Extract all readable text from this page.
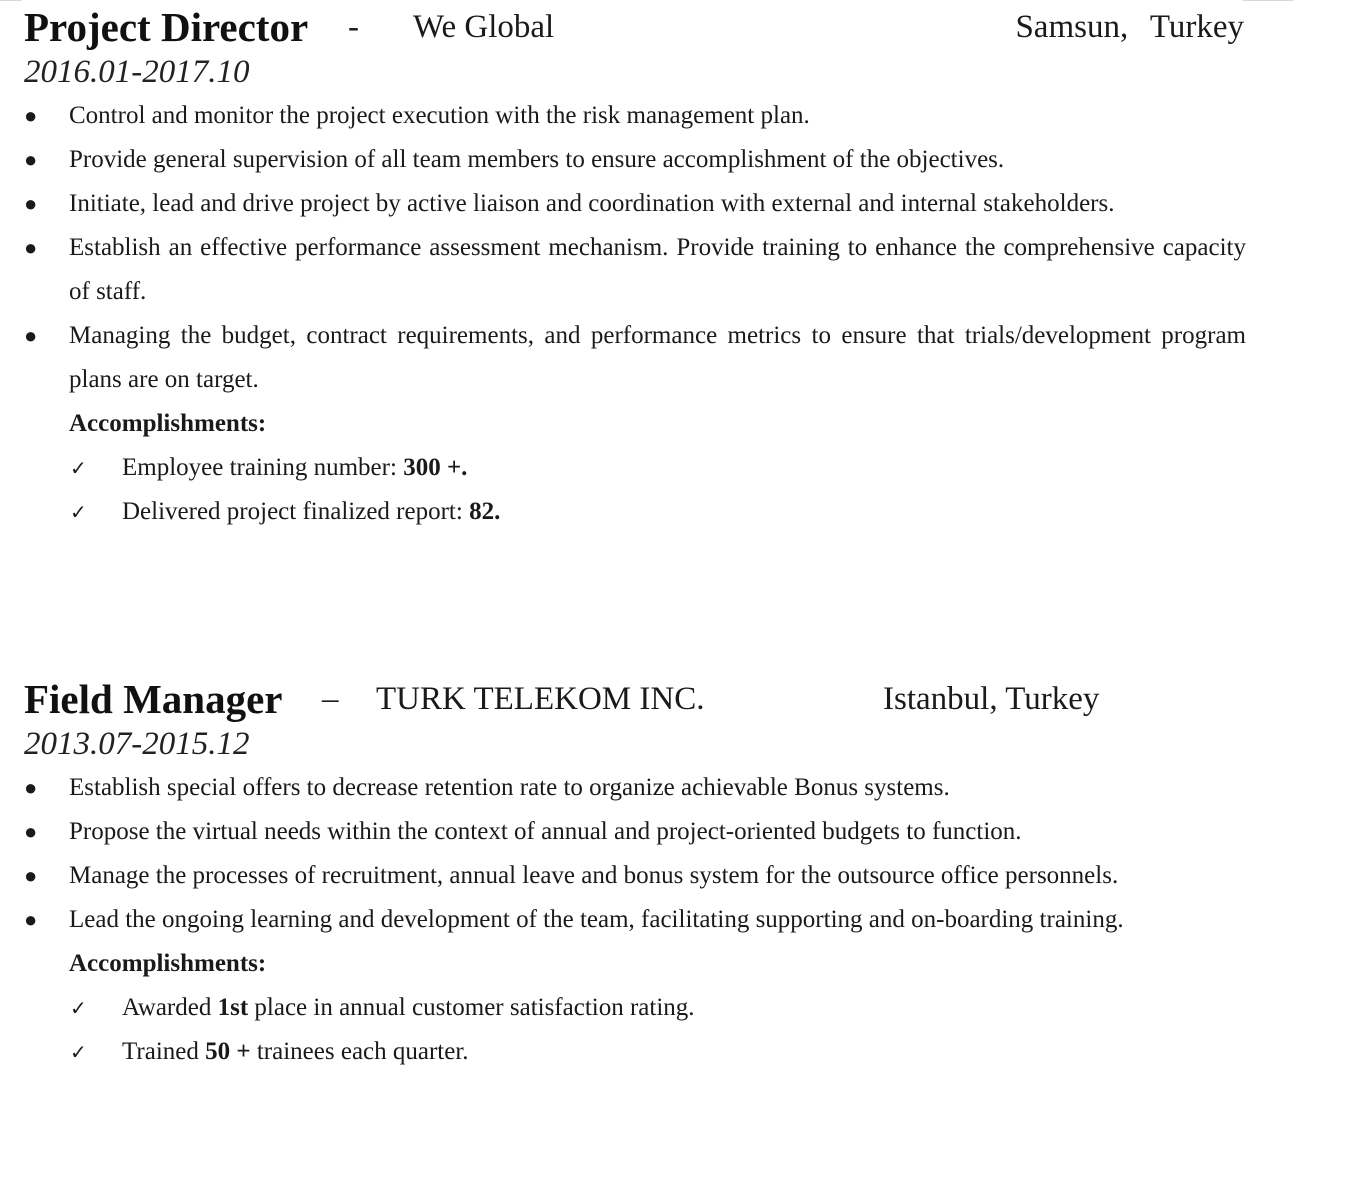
Project Director - We Global	Samsun, Turkey
2016.01-2017.10
● Control and monitor the project execution with the risk management plan.
● Provide general supervision of all team members to ensure accomplishment of the objectives.
● Initiate, lead and drive project by active liaison and coordination with external and internal stakeholders.
● Establish an effective performance assessment mechanism. Provide training to enhance the comprehensive capacity of staff.
● Managing the budget, contract requirements, and performance metrics to ensure that trials/development program plans are on target.
Accomplishments:
✓ Employee training number: 300 +.
✓ Delivered project finalized report: 82.
Field Manager – TURK TELEKOM INC.	Istanbul, Turkey
2013.07-2015.12
● Establish special offers to decrease retention rate to organize achievable Bonus systems.
● Propose the virtual needs within the context of annual and project-oriented budgets to function.
● Manage the processes of recruitment, annual leave and bonus system for the outsource office personnels.
● Lead the ongoing learning and development of the team, facilitating supporting and on-boarding training.
Accomplishments:
✓ Awarded 1st place in annual customer satisfaction rating.
✓ Trained 50 + trainees each quarter.
